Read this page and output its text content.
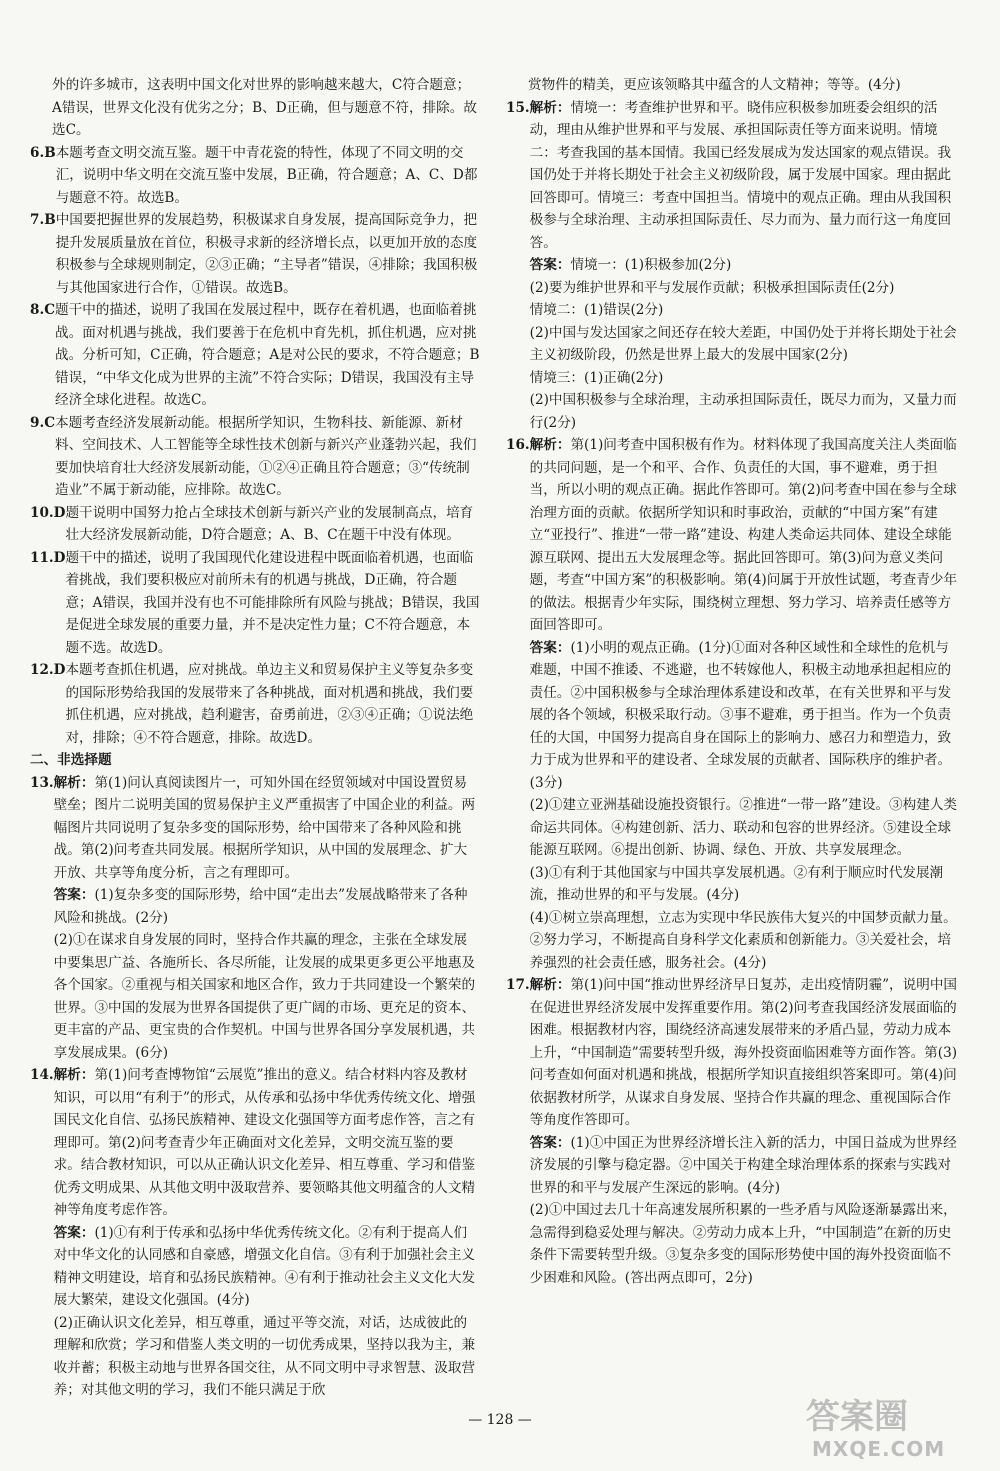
外的许多城市，这表明中国文化对世界的影响越来越大，C符合题意；A错误，世界文化没有优劣之分；B、D正确，但与题意不符，排除。故选C。
6.B 本题考查文明交流互鉴。题干中青花瓷的特性，体现了不同文明的交汇，说明中华文明在交流互鉴中发展，B正确，符合题意；A、C、D都与题意不符。故选B。
7.B 中国要把握世界的发展趋势，积极谋求自身发展，提高国际竞争力，把提升发展质量放在首位，积极寻求新的经济增长点，以更加开放的态度积极参与全球规则制定，②③正确；“主导者”错误，④排除；我国积极与其他国家进行合作，①错误。故选B。
8.C 题干中的描述，说明了我国在发展过程中，既存在着机遇，也面临着挑战。面对机遇与挑战，我们要善于在危机中育先机，抓住机遇，应对挑战。分析可知，C正确，符合题意；A是对公民的要求，不符合题意；B错误，“中华文化成为世界的主流”不符合实际；D错误，我国没有主导经济全球化进程。故选C。
9.C 本题考查经济发展新动能。根据所学知识，生物科技、新能源、新材料、空间技术、人工智能等全球性技术创新与新兴产业蓬勃兴起，我们要加快培育壮大经济发展新动能，①②④正确且符合题意；③“传统制造业”不属于新动能，应排除。故选C。
10.D 题干说明中国努力抢占全球技术创新与新兴产业的发展制高点，培育壮大经济发展新动能，D符合题意；A、B、C在题干中没有体现。
11.D 题干中的描述，说明了我国现代化建设进程中既面临着机遇，也面临着挑战，我们要积极应对前所未有的机遇与挑战，D正确，符合题意；A错误，我国并没有也不可能排除所有风险与挑战；B错误，我国是促进全球发展的重要力量，并不是决定性力量；C不符合题意，本题不选。故选D。
12.D 本题考查抓住机遇，应对挑战。单边主义和贸易保护主义等复杂多变的国际形势给我国的发展带来了各种挑战，面对机遇和挑战，我们要抓住机遇，应对挑战，趋利避害，奋勇前进，②③④正确；①说法绝对，排除；④不符合题意，排除。故选D。
二、非选择题
13. 解析：第(1)问认真阅读图片一，可知外国在经贸领域对中国设置贸易壁垒；图片二说明美国的贸易保护主义严重损害了中国企业的利益。两幅图片共同说明了复杂多变的国际形势，给中国带来了各种风险和挑战。第(2)问考查共同发展。根据所学知识，从中国的发展理念、扩大开放、共享等角度分析，言之有理即可。
答案：(1)复杂多变的国际形势，给中国“走出去”发展战略带来了各种风险和挑战。(2分)
(2)①在谋求自身发展的同时，坚持合作共赢的理念，主张在全球发展中要集思广益、各施所长、各尽所能，让发展的成果更多更公平地惠及各个国家。②重视与相关国家和地区合作，致力于共同建设一个繁荣的世界。③中国的发展为世界各国提供了更广阔的市场、更充足的资本、更丰富的产品、更宝贵的合作契机。中国与世界各国分享发展机遇，共享发展成果。(6分)
14. 解析：第(1)问考查博物馆“云展览”推出的意义。结合材料内容及教材知识，可以用“有利于”的形式，从传承和弘扬中华优秀传统文化、增强国民文化自信、弘扬民族精神、建设文化强国等方面考虑作答，言之有理即可。第(2)问考查青少年正确面对文化差异，文明交流互鉴的要求。结合教材知识，可以从正确认识文化差异、相互尊重、学习和借鉴优秀文明成果、从其他文明中汲取营养、要领略其他文明蕴含的人文精神等角度考虑作答。
答案：(1)①有利于传承和弘扬中华优秀传统文化。②有利于提高人们对中华文化的认同感和自豪感，增强文化自信。③有利于加强社会主义精神文明建设，培育和弘扬民族精神。④有利于推动社会主义文化大发展大繁荣，建设文化强国。(4分)
(2)正确认识文化差异，相互尊重，通过平等交流，对话，达成彼此的理解和欣赏；学习和借鉴人类文明的一切优秀成果，坚持以我为主，兼收并蓄；积极主动地与世界各国交往，从不同文明中寻求智慧、汲取营养；对其他文明的学习，我们不能只满足于欣
赏物件的精美，更应该领略其中蕴含的人文精神；等等。(4分)
15. 解析：情境一：考查维护世界和平。晓伟应积极参加班委会组织的活动，理由从维护世界和平与发展、承担国际责任等方面来说明。情境二：考查我国的基本国情。我国已经发展成为发达国家的观点错误。我国仍处于并将长期处于社会主义初级阶段，属于发展中国家。理由据此回答即可。情境三：考查中国担当。情境中的观点正确。理由从我国积极参与全球治理、主动承担国际责任、尽力而为、量力而行这一角度回答。
答案：情境一：(1)积极参加(2分)
(2)要为维护世界和平与发展作贡献；积极承担国际责任(2分)
情境二：(1)错误(2分)
(2)中国与发达国家之间还存在较大差距，中国仍处于并将长期处于社会主义初级阶段，仍然是世界上最大的发展中国家(2分)
情境三：(1)正确(2分)
(2)中国积极参与全球治理，主动承担国际责任，既尽力而为，又量力而行(2分)
16. 解析：第(1)问考查中国积极有作为。材料体现了我国高度关注人类面临的共同问题，是一个和平、合作、负责任的大国，事不避难，勇于担当，所以小明的观点正确。据此作答即可。第(2)问考查中国在参与全球治理方面的贡献。依据所学知识和时事政治，贡献的“中国方案”有建立“亚投行”、推进“一带一路”建设、构建人类命运共同体、建设全球能源互联网、提出五大发展理念等。据此回答即可。第(3)问为意义类问题，考查“中国方案”的积极影响。第(4)问属于开放性试题，考查青少年的做法。根据青少年实际，围绕树立理想、努力学习、培养责任感等方面回答即可。
答案：(1)小明的观点正确。(1分)①面对各种区域性和全球性的危机与难题，中国不推诿、不逃避，也不转嫁他人，积极主动地承担起相应的责任。②中国积极参与全球治理体系建设和改革，在有关世界和平与发展的各个领域，积极采取行动。③事不避难，勇于担当。作为一个负责任的大国，中国努力提高自身在国际上的影响力、感召力和塑造力，致力于成为世界和平的建设者、全球发展的贡献者、国际秩序的维护者。(3分)
(2)①建立亚洲基础设施投资银行。②推进“一带一路”建设。③构建人类命运共同体。④构建创新、活力、联动和包容的世界经济。⑤建设全球能源互联网。⑥提出创新、协调、绿色、开放、共享发展理念。
(3)①有利于其他国家与中国共享发展机遇。②有利于顺应时代发展潮流，推动世界的和平与发展。(4分)
(4)①树立崇高理想，立志为实现中华民族伟大复兴的中国梦贡献力量。②努力学习，不断提高自身科学文化素质和创新能力。③关爱社会，培养强烈的社会责任感，服务社会。(4分)
17. 解析：第(1)问中国“推动世界经济早日复苏，走出疫情阴霾”，说明中国在促进世界经济发展中发挥重要作用。第(2)问考查我国经济发展面临的困难。根据教材内容，围绕经济高速发展带来的矛盾凸显，劳动力成本上升，“中国制造”需要转型升级，海外投资面临困难等方面作答。第(3)问考查如何面对机遇和挑战，根据所学知识直接组织答案即可。第(4)问依据教材所学，从谋求自身发展、坚持合作共赢的理念、重视国际合作等角度作答即可。
答案：(1)①中国正为世界经济增长注入新的活力，中国日益成为世界经济发展的引擎与稳定器。②中国关于构建全球治理体系的探索与实践对世界的和平与发展产生深远的影响。(4分)
(2)①中国过去几十年高速发展所积累的一些矛盾与风险逐渐暴露出来，急需得到稳妥处理与解决。②劳动力成本上升，“中国制造”在新的历史条件下需要转型升级。③复杂多变的国际形势使中国的海外投资面临不少困难和风险。(答出两点即可，2分)
— 128 —	答案圈
MXQE.COM
